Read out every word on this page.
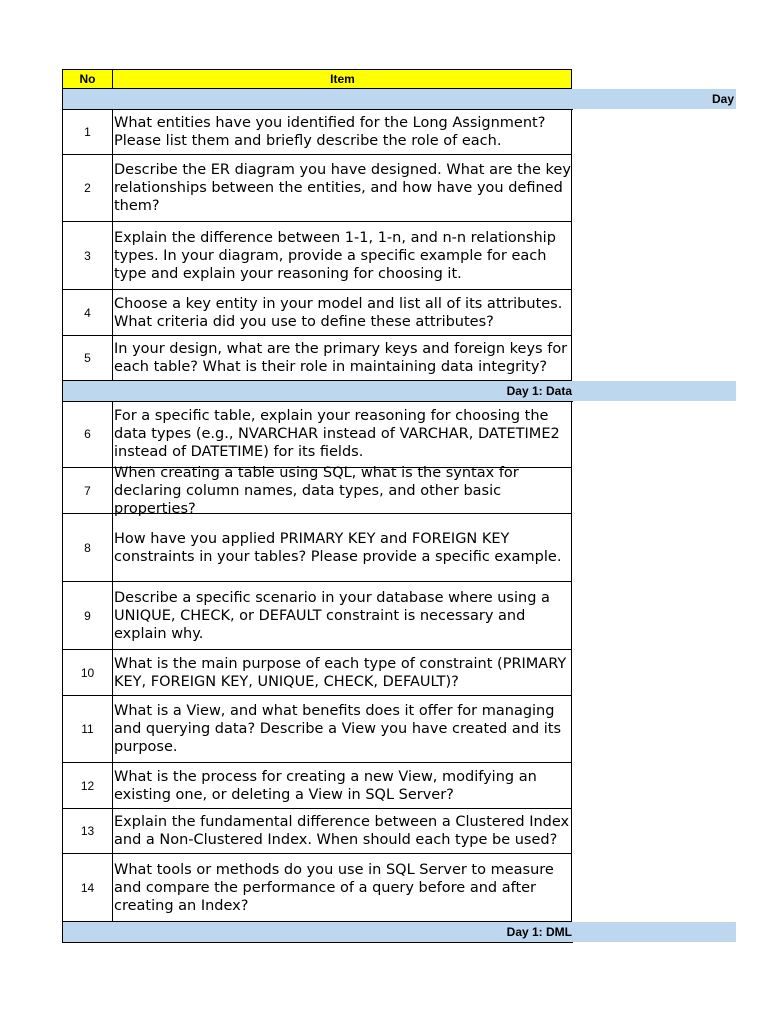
No	Item
Day
1
What entities have you identified for the Long Assignment? Please list them and briefly describe the role of each.
2
Describe the ER diagram you have designed. What are the key relationships between the entities, and how have you defined them?
3
Explain the difference between 1-1, 1-n, and n-n relationship types. In your diagram, provide a specific example for each type and explain your reasoning for choosing it.
4
Choose a key entity in your model and list all of its attributes. What criteria did you use to define these attributes?
5
In your design, what are the primary keys and foreign keys for each table? What is their role in maintaining data integrity?
Day 1: Data
6
For a specific table, explain your reasoning for choosing the data types (e.g., NVARCHAR instead of VARCHAR, DATETIME2 instead of DATETIME) for its fields.
7
When creating a table using SQL, what is the syntax for declaring column names, data types, and other basic properties?
8
How have you applied PRIMARY KEY and FOREIGN KEY constraints in your tables? Please provide a specific example.
9
Describe a specific scenario in your database where using a UNIQUE, CHECK, or DEFAULT constraint is necessary and explain why.
10
What is the main purpose of each type of constraint (PRIMARY KEY, FOREIGN KEY, UNIQUE, CHECK, DEFAULT)?
11
What is a View, and what benefits does it offer for managing and querying data? Describe a View you have created and its purpose.
12
What is the process for creating a new View, modifying an existing one, or deleting a View in SQL Server?
13
Explain the fundamental difference between a Clustered Index and a Non-Clustered Index. When should each type be used?
14
What tools or methods do you use in SQL Server to measure and compare the performance of a query before and after creating an Index?
Day 1: DML
